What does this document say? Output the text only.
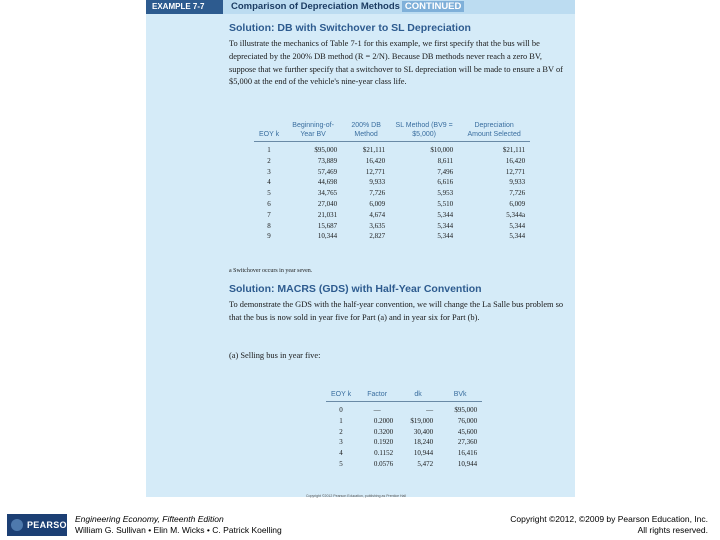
EXAMPLE 7-7	Comparison of Depreciation Methods CONTINUED
Solution: DB with Switchover to SL Depreciation

To illustrate the mechanics of Table 7-1 for this example, we first specify that the bus will be depreciated by the 200% DB method (R = 2/N). Because DB methods never reach a zero BV, suppose that we further specify that a switchover to SL depreciation will be made to ensure a BV of $5,000 at the end of the vehicle's nine-year class life.

EOY k	Beginning-of-Year BV	200% DB Method	SL Method (BV9 = $5,000)	Depreciation Amount Selected
1	$95,000	$21,111	$10,000	$21,111
2	73,889	16,420	8,611	16,420
3	57,469	12,771	7,496	12,771
4	44,698	9,933	6,616	9,933
5	34,765	7,726	5,953	7,726
6	27,040	6,009	5,510	6,009
7	21,031	4,674	5,344	5,344a
8	15,687	3,635	5,344	5,344
9	10,344	2,827	5,344	5,344
a Switchover occurs in year seven.
Solution: MACRS (GDS) with Half-Year Convention

To demonstrate the GDS with the half-year convention, we will change the La Salle bus problem so that the bus is now sold in year five for Part (a) and in year six for Part (b).

(a) Selling bus in year five:

EOY k	Factor	dk	BVk
0	—	—	$95,000
1	0.2000	$19,000	76,000
2	0.3200	30,400	45,600
3	0.1920	18,240	27,360
4	0.1152	10,944	16,416
5	0.0576	5,472	10,944
Copyright ©2012 Pearson Education, publishing as Prentice Hall
PEARSON
Engineering Economy, Fifteenth Edition
William G. Sullivan • Elin M. Wicks • C. Patrick Koelling
Copyright ©2012, ©2009 by Pearson Education, Inc.
All rights reserved.
